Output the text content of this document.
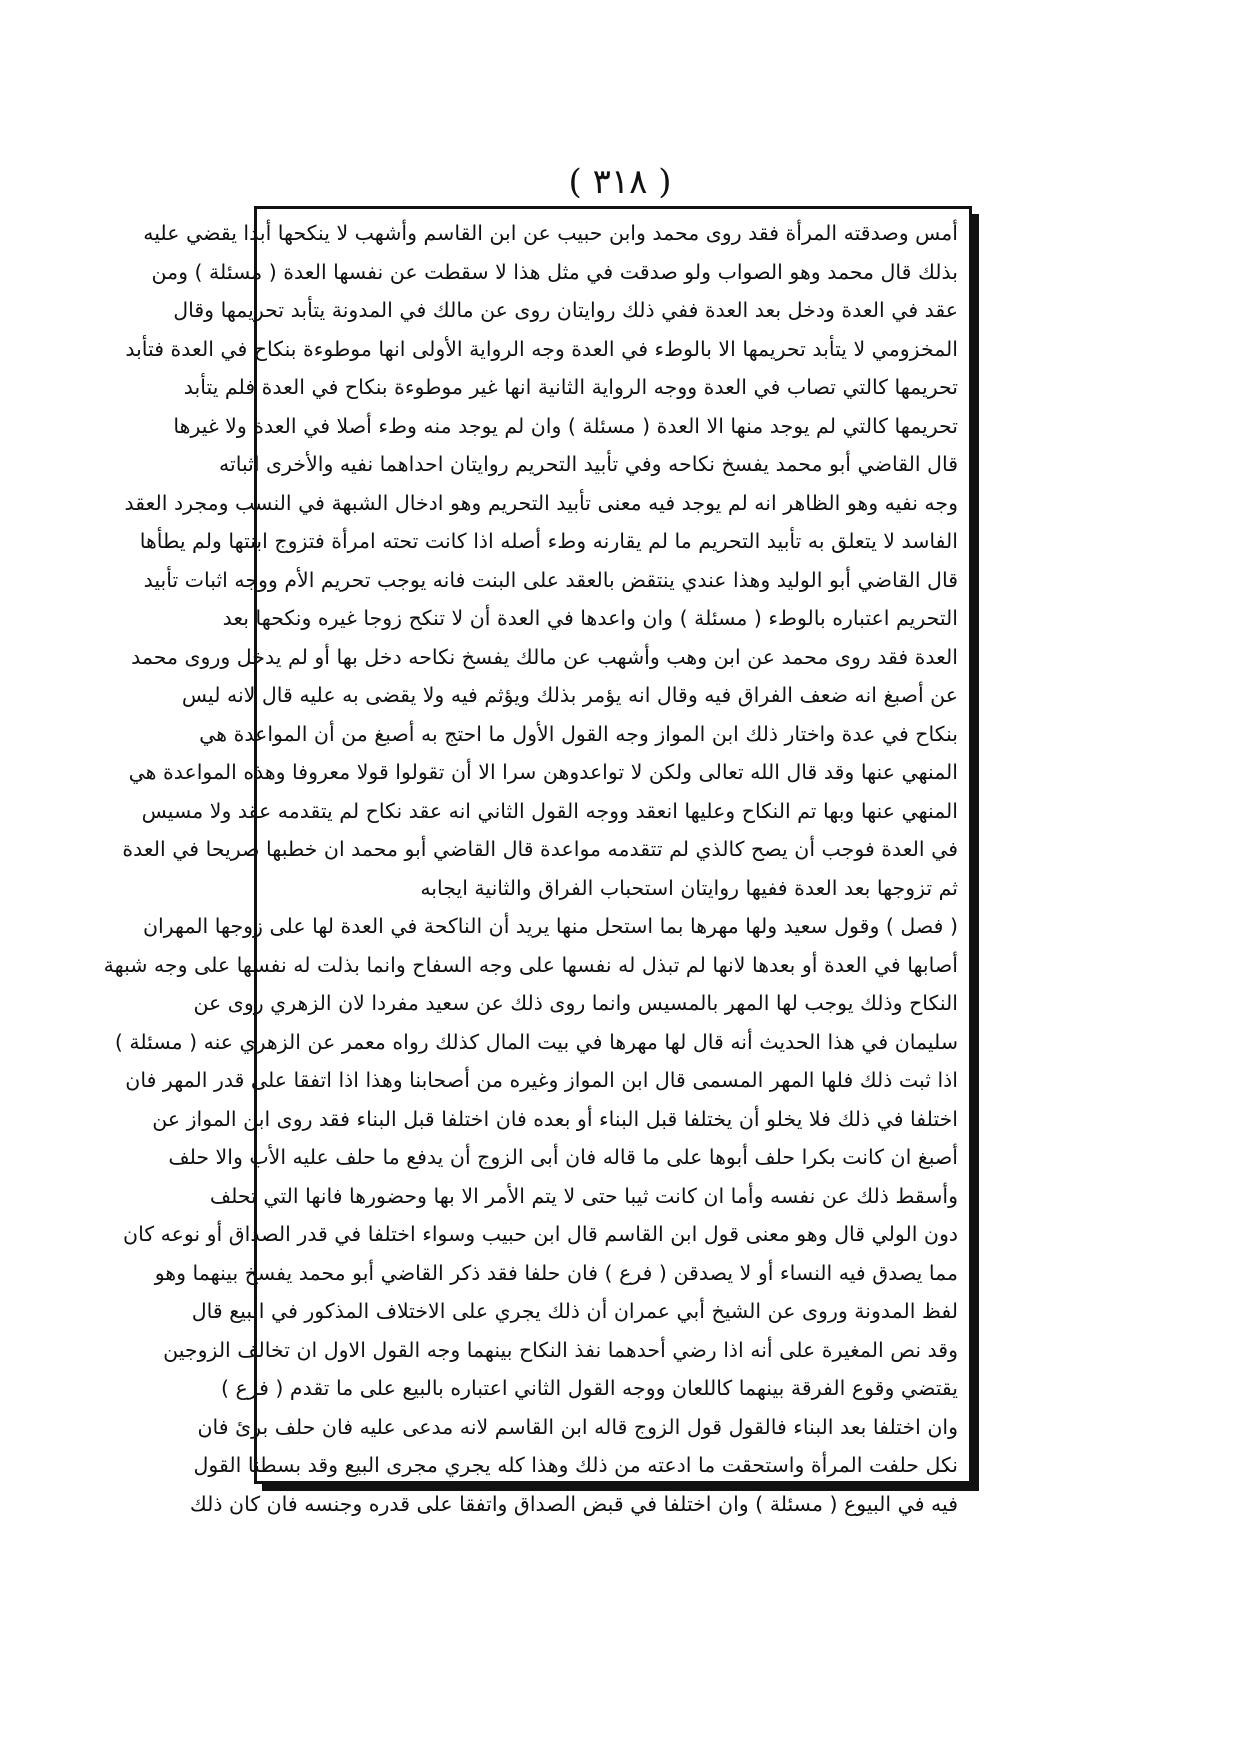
( ٣١٨ )
أمس وصدقته المرأة فقد روى محمد وابن حبيب عن ابن القاسم وأشهب لا ينكحها أبدا يقضي عليه
بذلك قال محمد وهو الصواب ولو صدقت في مثل هذا لا سقطت عن نفسها العدة ( مسئلة ) ومن
عقد في العدة ودخل بعد العدة ففي ذلك روايتان روى عن مالك في المدونة يتأبد تحريمها وقال
المخزومي لا يتأبد تحريمها الا بالوطء في العدة وجه الرواية الأولى انها موطوءة بنكاح في العدة فتأبد
تحريمها كالتي تصاب في العدة ووجه الرواية الثانية انها غير موطوءة بنكاح في العدة فلم يتأبد
تحريمها كالتي لم يوجد منها الا العدة ( مسئلة ) وان لم يوجد منه وطء أصلا في العدة ولا غيرها
قال القاضي أبو محمد يفسخ نكاحه وفي تأبيد التحريم روايتان احداهما نفيه والأخرى اثباته
وجه نفيه وهو الظاهر انه لم يوجد فيه معنى تأبيد التحريم وهو ادخال الشبهة في النسب ومجرد العقد
الفاسد لا يتعلق به تأبيد التحريم ما لم يقارنه وطء أصله اذا كانت تحته امرأة فتزوج ابنتها ولم يطأها
قال القاضي أبو الوليد وهذا عندي ينتقض بالعقد على البنت فانه يوجب تحريم الأم ووجه اثبات تأبيد
التحريم اعتباره بالوطء ( مسئلة ) وان واعدها في العدة أن لا تنكح زوجا غيره ونكحها بعد
العدة فقد روى محمد عن ابن وهب وأشهب عن مالك يفسخ نكاحه دخل بها أو لم يدخل وروى محمد
عن أصبغ انه ضعف الفراق فيه وقال انه يؤمر بذلك ويؤثم فيه ولا يقضى به عليه قال لانه ليس
بنكاح في عدة واختار ذلك ابن المواز وجه القول الأول ما احتج به أصبغ من أن المواعدة هي
المنهي عنها وقد قال الله تعالى ولكن لا تواعدوهن سرا الا أن تقولوا قولا معروفا وهذه المواعدة هي
المنهي عنها وبها تم النكاح وعليها انعقد ووجه القول الثاني انه عقد نكاح لم يتقدمه عقد ولا مسيس
في العدة فوجب أن يصح كالذي لم تتقدمه مواعدة قال القاضي أبو محمد ان خطبها صريحا في العدة
ثم تزوجها بعد العدة ففيها روايتان استحباب الفراق والثانية ايجابه
( فصل ) وقول سعيد ولها مهرها بما استحل منها يريد أن الناكحة في العدة لها على زوجها المهران
أصابها في العدة أو بعدها لانها لم تبذل له نفسها على وجه السفاح وانما بذلت له نفسها على وجه شبهة
النكاح وذلك يوجب لها المهر بالمسيس وانما روى ذلك عن سعيد مفردا لان الزهري روى عن
سليمان في هذا الحديث أنه قال لها مهرها في بيت المال كذلك رواه معمر عن الزهري عنه ( مسئلة )
اذا ثبت ذلك فلها المهر المسمى قال ابن المواز وغيره من أصحابنا وهذا اذا اتفقا على قدر المهر فان
اختلفا في ذلك فلا يخلو أن يختلفا قبل البناء أو بعده فان اختلفا قبل البناء فقد روى ابن المواز عن
أصبغ ان كانت بكرا حلف أبوها على ما قاله فان أبى الزوج أن يدفع ما حلف عليه الأب والا حلف
وأسقط ذلك عن نفسه وأما ان كانت ثيبا حتى لا يتم الأمر الا بها وحضورها فانها التي تحلف
دون الولي قال وهو معنى قول ابن القاسم قال ابن حبيب وسواء اختلفا في قدر الصداق أو نوعه كان
مما يصدق فيه النساء أو لا يصدقن ( فرع ) فان حلفا فقد ذكر القاضي أبو محمد يفسخ بينهما وهو
لفظ المدونة وروى عن الشيخ أبي عمران أن ذلك يجري على الاختلاف المذكور في البيع قال
وقد نص المغيرة على أنه اذا رضي أحدهما نفذ النكاح بينهما وجه القول الاول ان تخالف الزوجين
يقتضي وقوع الفرقة بينهما كاللعان ووجه القول الثاني اعتباره بالبيع على ما تقدم ( فرع )
وان اختلفا بعد البناء فالقول قول الزوج قاله ابن القاسم لانه مدعى عليه فان حلف برئ فان
نكل حلفت المرأة واستحقت ما ادعته من ذلك وهذا كله يجري مجرى البيع وقد بسطنا القول
فيه في البيوع ( مسئلة ) وان اختلفا في قبض الصداق واتفقا على قدره وجنسه فان كان ذلك
